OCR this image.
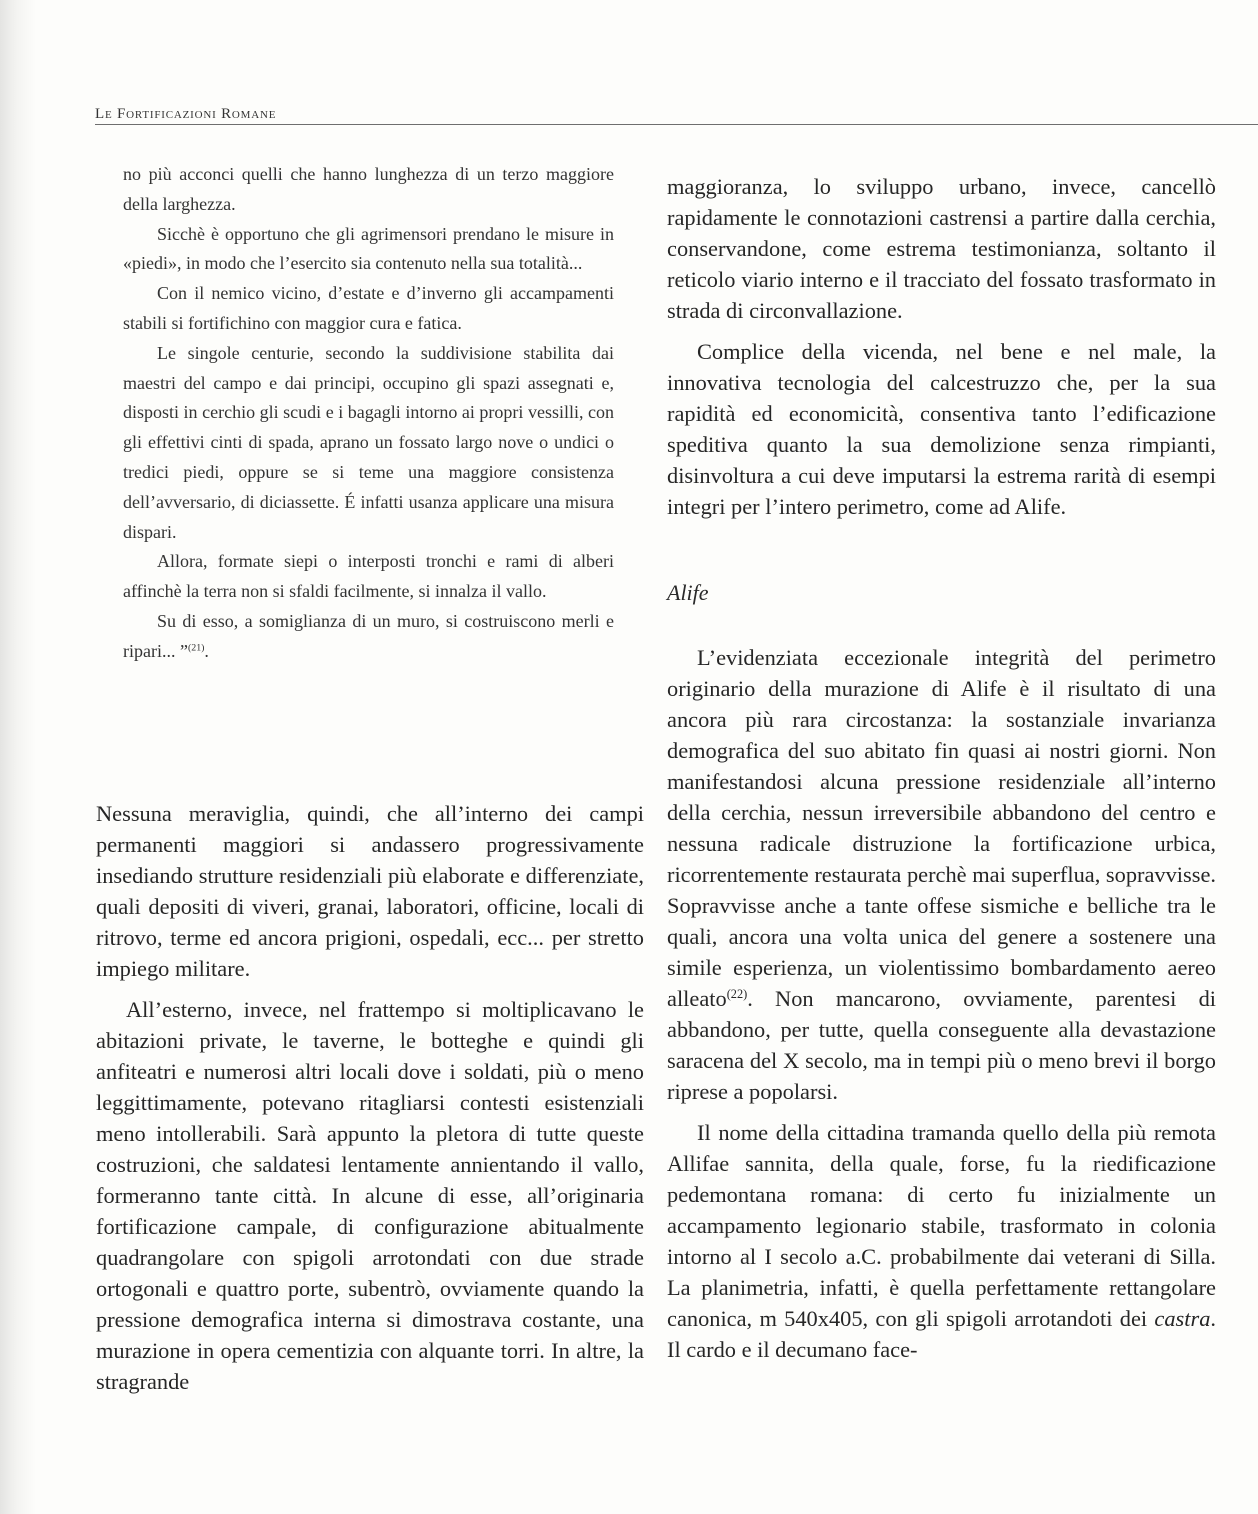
Le Fortificazioni Romane

no più acconci quelli che hanno lunghezza di un terzo maggiore della larghezza.

Sicchè è opportuno che gli agrimensori prendano le misure in «piedi», in modo che l’esercito sia contenuto nella sua totalità...

Con il nemico vicino, d’estate e d’inverno gli accampamenti stabili si fortifichino con maggior cura e fatica.

Le singole centurie, secondo la suddivisione stabilita dai maestri del campo e dai principi, occupino gli spazi assegnati e, disposti in cerchio gli scudi e i bagagli intorno ai propri vessilli, con gli effettivi cinti di spada, aprano un fossato largo nove o undici o tredici piedi, oppure se si teme una maggiore consistenza dell’avversario, di diciassette. É infatti usanza applicare una misura dispari.

Allora, formate siepi o interposti tronchi e rami di alberi affinchè la terra non si sfaldi facilmente, si innalza il vallo.

Su di esso, a somiglianza di un muro, si costruiscono merli e ripari... ”$^{(21)}$.

Nessuna meraviglia, quindi, che all’interno dei campi permanenti maggiori si andassero progressivamente insediando strutture residenziali più elaborate e differenziate, quali depositi di viveri, granai, laboratori, officine, locali di ritrovo, terme ed ancora prigioni, ospedali, ecc... per stretto impiego militare.

All’esterno, invece, nel frattempo si moltiplicavano le abitazioni private, le taverne, le botteghe e quindi gli anfiteatri e numerosi altri locali dove i soldati, più o meno leggittimamente, potevano ritagliarsi contesti esistenziali meno intollerabili. Sarà appunto la pletora di tutte queste costruzioni, che saldatesi lentamente annientando il vallo, formeranno tante città. In alcune di esse, all’originaria fortificazione campale, di configurazione abitualmente quadrangolare con spigoli arrotondati con due strade ortogonali e quattro porte, subentrò, ovviamente quando la pressione demografica interna si dimostrava costante, una murazione in opera cementizia con alquante torri. In altre, la stragrande

maggioranza, lo sviluppo urbano, invece, cancellò rapidamente le connotazioni castrensi a partire dalla cerchia, conservandone, come estrema testimonianza, soltanto il reticolo viario interno e il tracciato del fossato trasformato in strada di circonvallazione.

Complice della vicenda, nel bene e nel male, la innovativa tecnologia del calcestruzzo che, per la sua rapidità ed economicità, consentiva tanto l’edificazione speditiva quanto la sua demolizione senza rimpianti, disinvoltura a cui deve imputarsi la estrema rarità di esempi integri per l’intero perimetro, come ad Alife.

Alife

L’evidenziata eccezionale integrità del perimetro originario della murazione di Alife è il risultato di una ancora più rara circostanza: la sostanziale invarianza demografica del suo abitato fin quasi ai nostri giorni. Non manifestandosi alcuna pressione residenziale all’interno della cerchia, nessun irreversibile abbandono del centro e nessuna radicale distruzione la fortificazione urbica, ricorrentemente restaurata perchè mai superflua, sopravvisse. Sopravvisse anche a tante offese sismiche e belliche tra le quali, ancora una volta unica del genere a sostenere una simile esperienza, un violentissimo bombardamento aereo alleato$^{(22)}$. Non mancarono, ovviamente, parentesi di abbandono, per tutte, quella conseguente alla devastazione saracena del X secolo, ma in tempi più o meno brevi il borgo riprese a popolarsi.

Il nome della cittadina tramanda quello della più remota Allifae sannita, della quale, forse, fu la riedificazione pedemontana romana: di certo fu inizialmente un accampamento legionario stabile, trasformato in colonia intorno al I secolo a.C. probabilmente dai veterani di Silla. La planimetria, infatti, è quella perfettamente rettangolare canonica, m 540x405, con gli spigoli arrotandoti dei castra. Il cardo e il decumano face-
